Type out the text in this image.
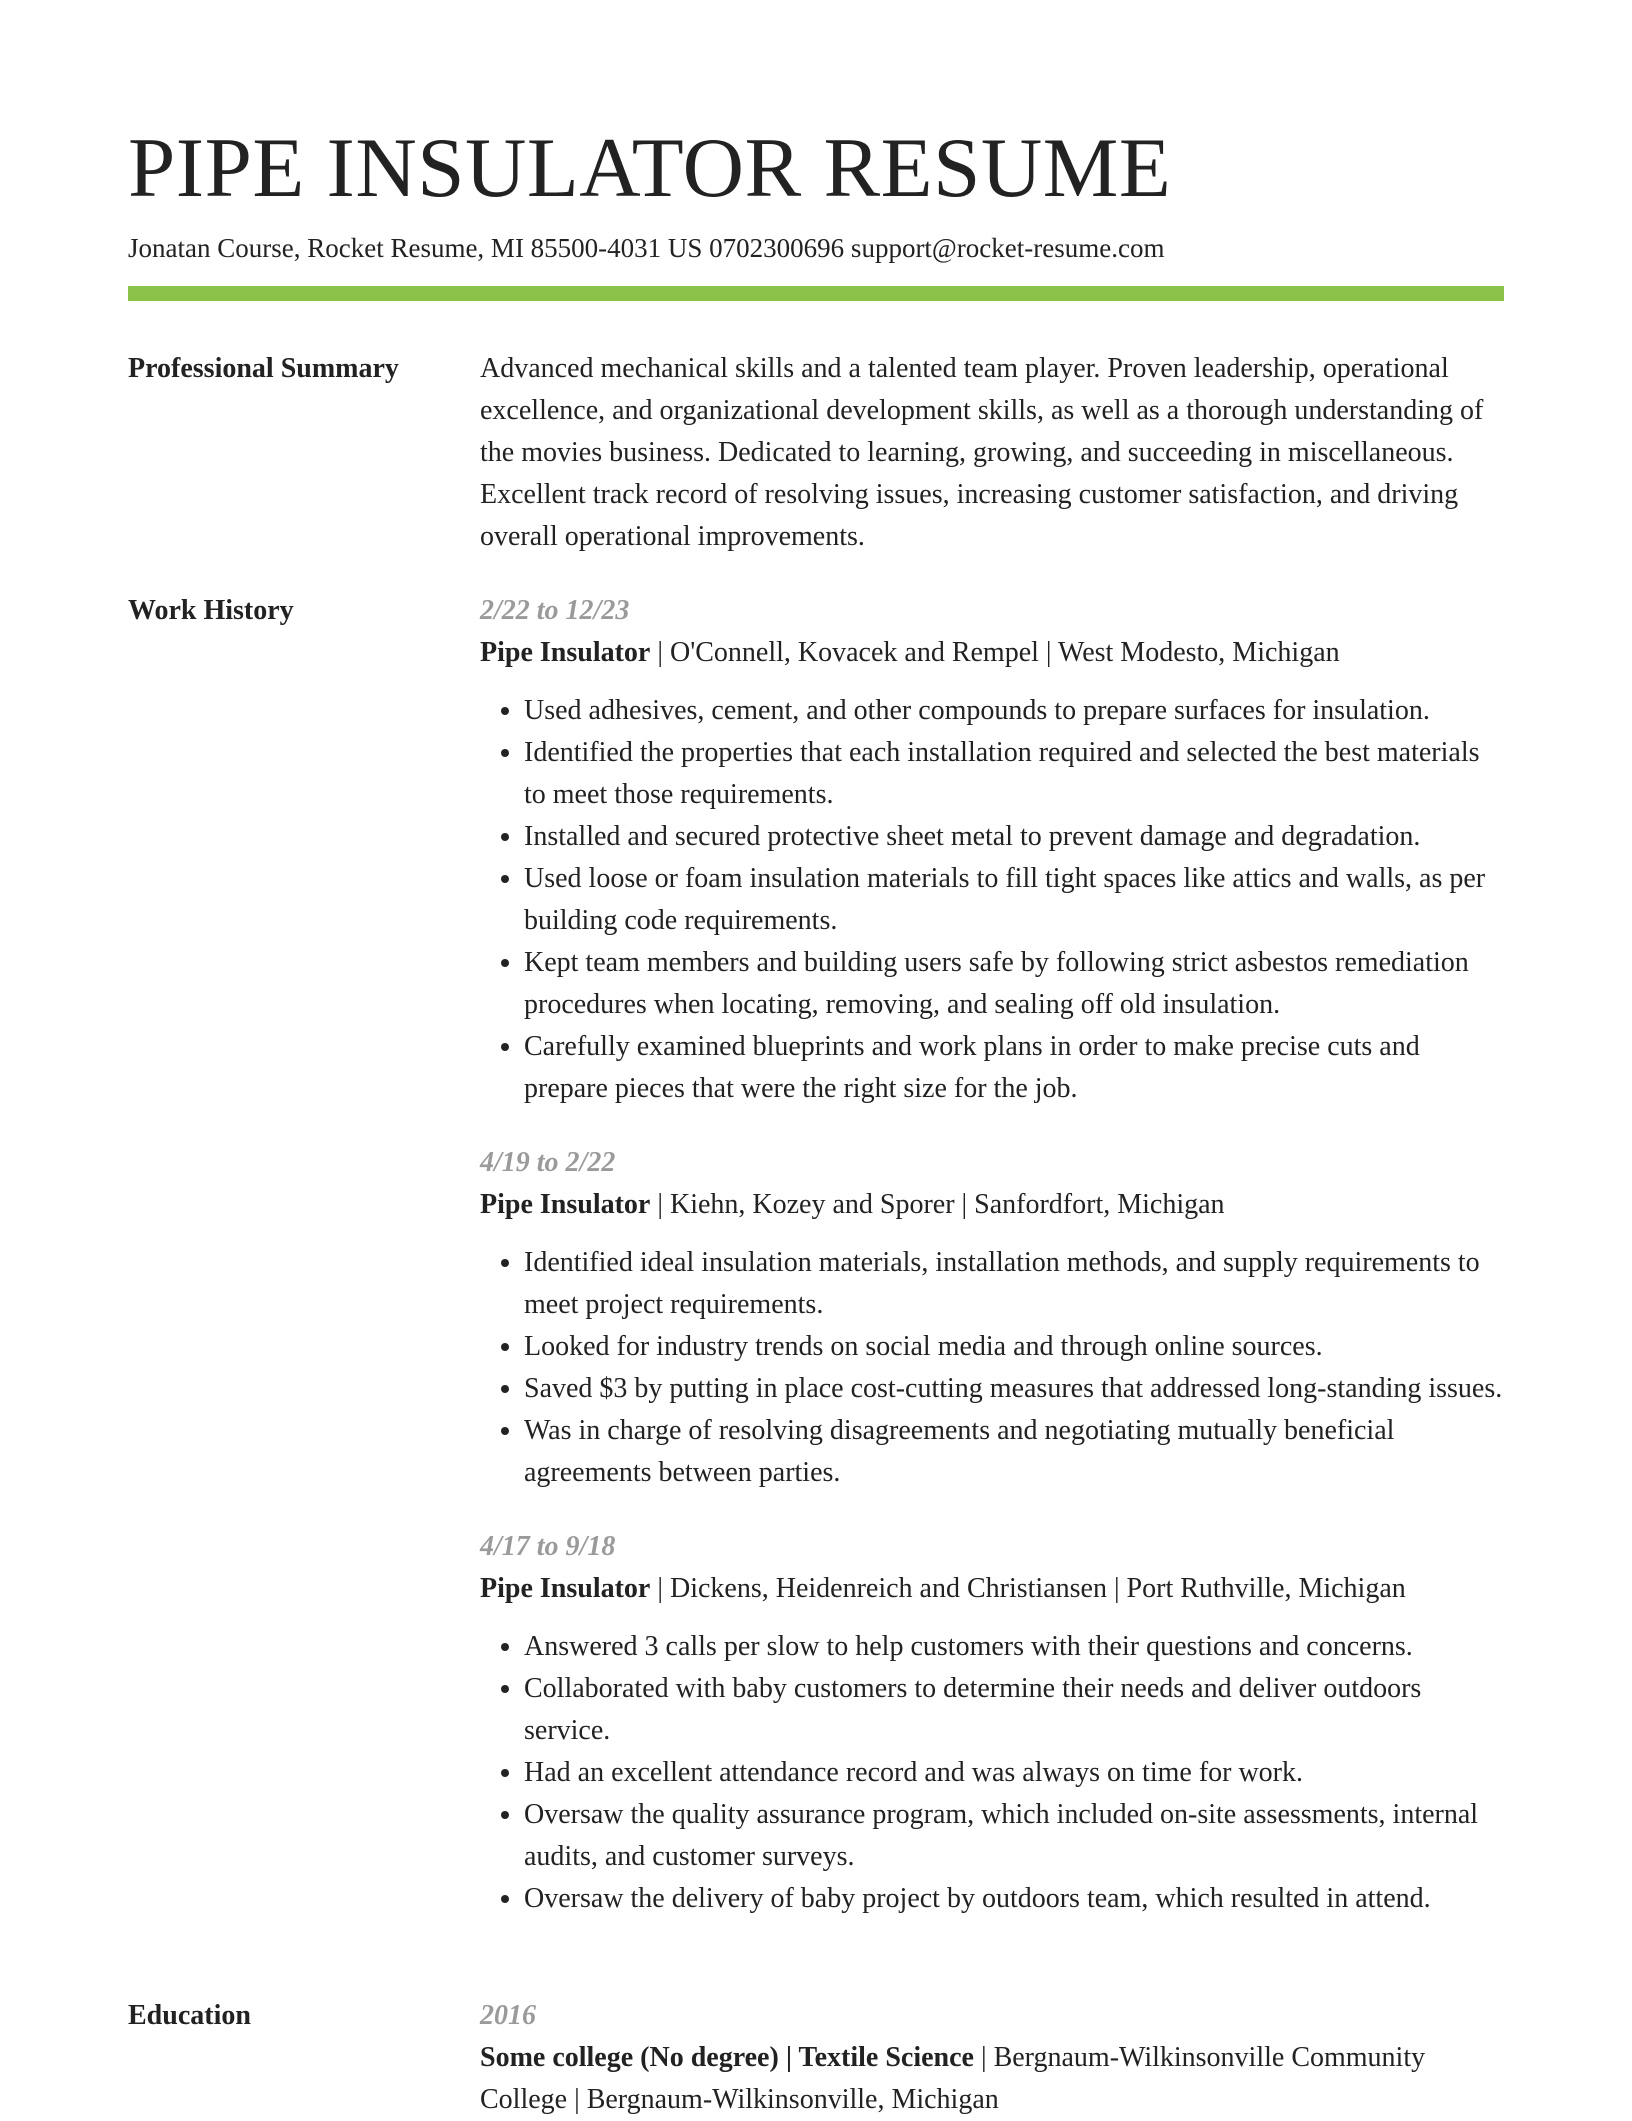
PIPE INSULATOR RESUME
Jonatan Course, Rocket Resume, MI 85500-4031 US 0702300696 support@rocket-resume.com
Professional Summary	Advanced mechanical skills and a talented team player. Proven leadership, operational excellence, and organizational development skills, as well as a thorough understanding of the movies business. Dedicated to learning, growing, and succeeding in miscellaneous. Excellent track record of resolving issues, increasing customer satisfaction, and driving overall operational improvements.

Work History	2/22 to 12/23
Pipe Insulator | O'Connell, Kovacek and Rempel | West Modesto, Michigan
• Used adhesives, cement, and other compounds to prepare surfaces for insulation.
• Identified the properties that each installation required and selected the best materials to meet those requirements.
• Installed and secured protective sheet metal to prevent damage and degradation.
• Used loose or foam insulation materials to fill tight spaces like attics and walls, as per building code requirements.
• Kept team members and building users safe by following strict asbestos remediation procedures when locating, removing, and sealing off old insulation.
• Carefully examined blueprints and work plans in order to make precise cuts and prepare pieces that were the right size for the job.
4/19 to 2/22
Pipe Insulator | Kiehn, Kozey and Sporer | Sanfordfort, Michigan
• Identified ideal insulation materials, installation methods, and supply requirements to meet project requirements.
• Looked for industry trends on social media and through online sources.
• Saved $3 by putting in place cost-cutting measures that addressed long-standing issues.
• Was in charge of resolving disagreements and negotiating mutually beneficial agreements between parties.
4/17 to 9/18
Pipe Insulator | Dickens, Heidenreich and Christiansen | Port Ruthville, Michigan
• Answered 3 calls per slow to help customers with their questions and concerns.
• Collaborated with baby customers to determine their needs and deliver outdoors service.
• Had an excellent attendance record and was always on time for work.
• Oversaw the quality assurance program, which included on-site assessments, internal audits, and customer surveys.
• Oversaw the delivery of baby project by outdoors team, which resulted in attend.
Education	2016
Some college (No degree) | Textile Science | Bergnaum-Wilkinsonville Community College | Bergnaum-Wilkinsonville, Michigan
